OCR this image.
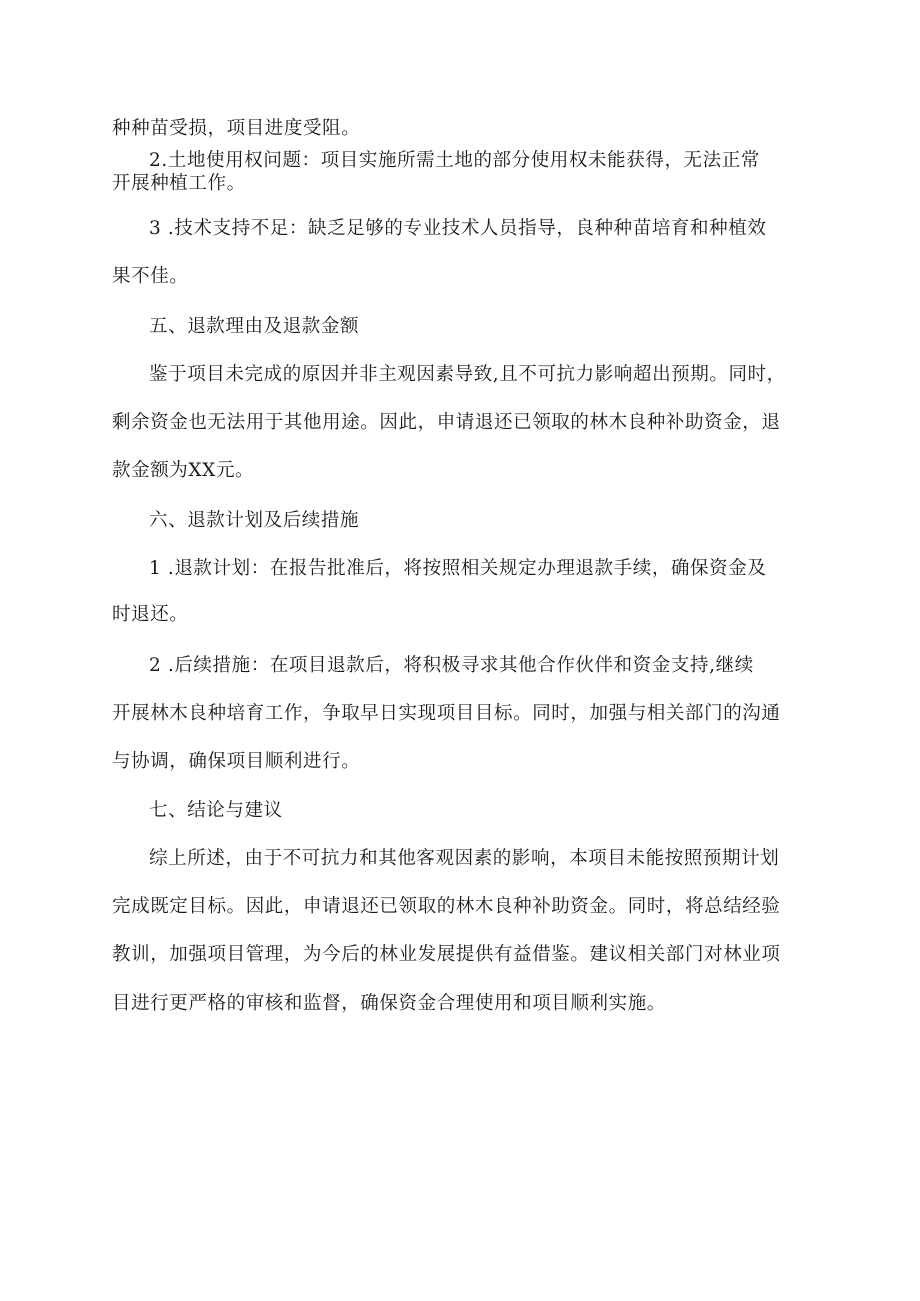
种种苗受损，项目进度受阻。
2.土地使用权问题：项目实施所需土地的部分使用权未能获得，无法正常
开展种植工作。
3 .技术支持不足：缺乏足够的专业技术人员指导，良种种苗培育和种植效
果不佳。
五、退款理由及退款金额
鉴于项目未完成的原因并非主观因素导致,且不可抗力影响超出预期。同时，
剩余资金也无法用于其他用途。因此，申请退还已领取的林木良种补助资金，退
款金额为XX元。
六、退款计划及后续措施
1 .退款计划：在报告批准后，将按照相关规定办理退款手续，确保资金及
时退还。
2 .后续措施：在项目退款后，将积极寻求其他合作伙伴和资金支持,继续
开展林木良种培育工作，争取早日实现项目目标。同时，加强与相关部门的沟通
与协调，确保项目顺利进行。
七、结论与建议
综上所述，由于不可抗力和其他客观因素的影响，本项目未能按照预期计划
完成既定目标。因此，申请退还已领取的林木良种补助资金。同时，将总结经验
教训，加强项目管理，为今后的林业发展提供有益借鉴。建议相关部门对林业项
目进行更严格的审核和监督，确保资金合理使用和项目顺利实施。
